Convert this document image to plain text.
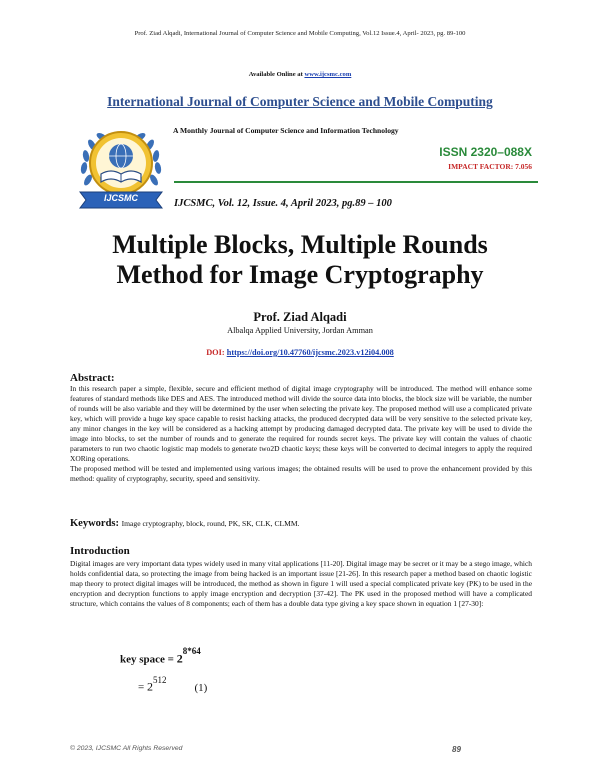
Prof. Ziad Alqadi, International Journal of Computer Science and Mobile Computing, Vol.12 Issue.4, April- 2023, pg. 89-100
Available Online at www.ijcsmc.com
International Journal of Computer Science and Mobile Computing
IJCSMC
A Monthly Journal of Computer Science and Information Technology
ISSN 2320–088X
IMPACT FACTOR: 7.056
IJCSMC, Vol. 12, Issue. 4, April 2023, pg.89 – 100
Multiple Blocks, Multiple Rounds
Method for Image Cryptography
Prof. Ziad Alqadi
Albalqa Applied University, Jordan Amman
DOI: https://doi.org/10.47760/ijcsmc.2023.v12i04.008
Abstract:

In this research paper a simple, flexible, secure and efficient method of digital image cryptography will be introduced. The method will enhance some features of standard methods like DES and AES. The introduced method will divide the source data into blocks, the block size will be variable, the number of rounds will be also variable and they will be determined by the user when selecting the private key. The proposed method will use a complicated private key, which will provide a huge key space capable to resist hacking attacks, the produced decrypted data will be very sensitive to the selected private key, any minor changes in the key will be considered as a hacking attempt by producing damaged decrypted data. The private key will be used to divide the image into blocks, to set the number of rounds and to generate the required for rounds secret keys. The private key will contain the values of chaotic parameters to run two chaotic logistic map models to generate two2D chaotic keys; these keys will be converted to decimal integers to apply the required XORing operations.

The proposed method will be tested and implemented using various images; the obtained results will be used to prove the enhancement provided by this method: quality of cryptography, security, speed and sensitivity.

Keywords: Image cryptography, block, round, PK, SK, CLK, CLMM.
Introduction
Digital images are very important data types widely used in many vital applications [11-20]. Digital image may be secret or it may be a stego image, which holds confidential data, so protecting the image from being hacked is an important issue [21-26]. In this research paper a method based on chaotic logistic map theory to protect digital images will be introduced, the method as shown in figure 1 will used a special complicated private key (PK) to be used in the encryption and decryption functions to apply image encryption and decryption [37-42]. The PK used in the proposed method will have a complicated structure, which contains the values of 8 components; each of them has a double data type giving a key space shown in equation 1 [27-30]:
key space = $2^{8*64}$
= $2^{512}(1)$
© 2023, IJCSMC All Rights Reserved	89
